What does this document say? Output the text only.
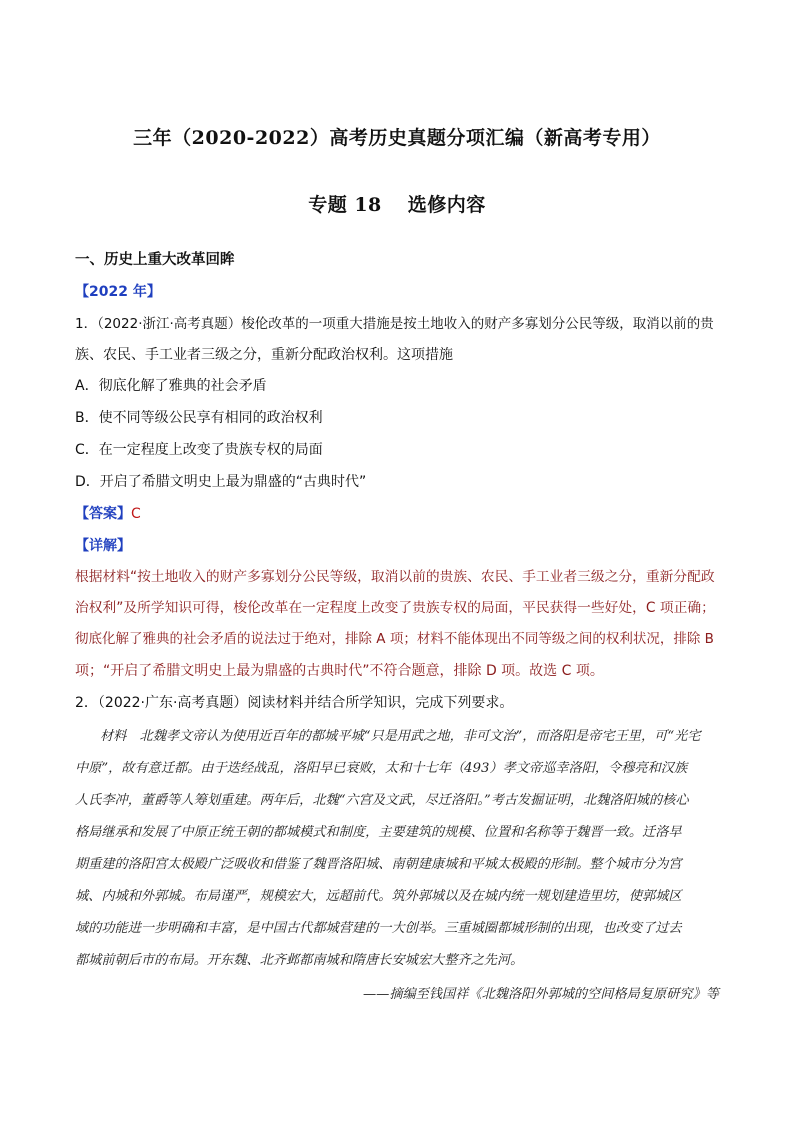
三年（2020-2022）高考历史真题分项汇编（新高考专用）
专题 18 选修内容
一、历史上重大改革回眸
【2022 年】
1．（2022·浙江·高考真题）梭伦改革的一项重大措施是按土地收入的财产多寡划分公民等级，取消以前的贵
族、农民、手工业者三级之分，重新分配政治权利。这项措施
A．彻底化解了雅典的社会矛盾
B．使不同等级公民享有相同的政治权利
C．在一定程度上改变了贵族专权的局面
D．开启了希腊文明史上最为鼎盛的“古典时代”
【答案】C
【详解】
根据材料“按土地收入的财产多寡划分公民等级，取消以前的贵族、农民、手工业者三级之分，重新分配政
治权利”及所学知识可得，梭伦改革在一定程度上改变了贵族专权的局面，平民获得一些好处，C 项正确；
彻底化解了雅典的社会矛盾的说法过于绝对，排除 A 项；材料不能体现出不同等级之间的权利状况，排除 B
项；“开启了希腊文明史上最为鼎盛的古典时代”不符合题意，排除 D 项。故选 C 项。
2．（2022·广东·高考真题）阅读材料并结合所学知识，完成下列要求。
材料　北魏孝文帝认为使用近百年的都城平城“只是用武之地，非可文治”，而洛阳是帝宅王里，可“光宅
中原”，故有意迁都。由于迭经战乱，洛阳早已衰败，太和十七年（493）孝文帝巡幸洛阳，令穆亮和汉族
人氏李冲，董爵等人筹划重建。两年后，北魏“六宫及文武，尽迁洛阳。”考古发掘证明，北魏洛阳城的核心
格局继承和发展了中原正统王朝的都城模式和制度，主要建筑的规模、位置和名称等于魏晋一致。迁洛早
期重建的洛阳宫太极殿广泛吸收和借鉴了魏晋洛阳城、南朝建康城和平城太极殿的形制。整个城市分为宫
城、内城和外郭城。布局谨严，规模宏大，远超前代。筑外郭城以及在城内统一规划建造里坊，使郭城区
域的功能进一步明确和丰富，是中国古代都城营建的一大创举。三重城圈都城形制的出现，也改变了过去
都城前朝后市的布局。开东魏、北齐邺都南城和隋唐长安城宏大整齐之先河。
——摘编至钱国祥《北魏洛阳外郭城的空间格局复原研究》等
